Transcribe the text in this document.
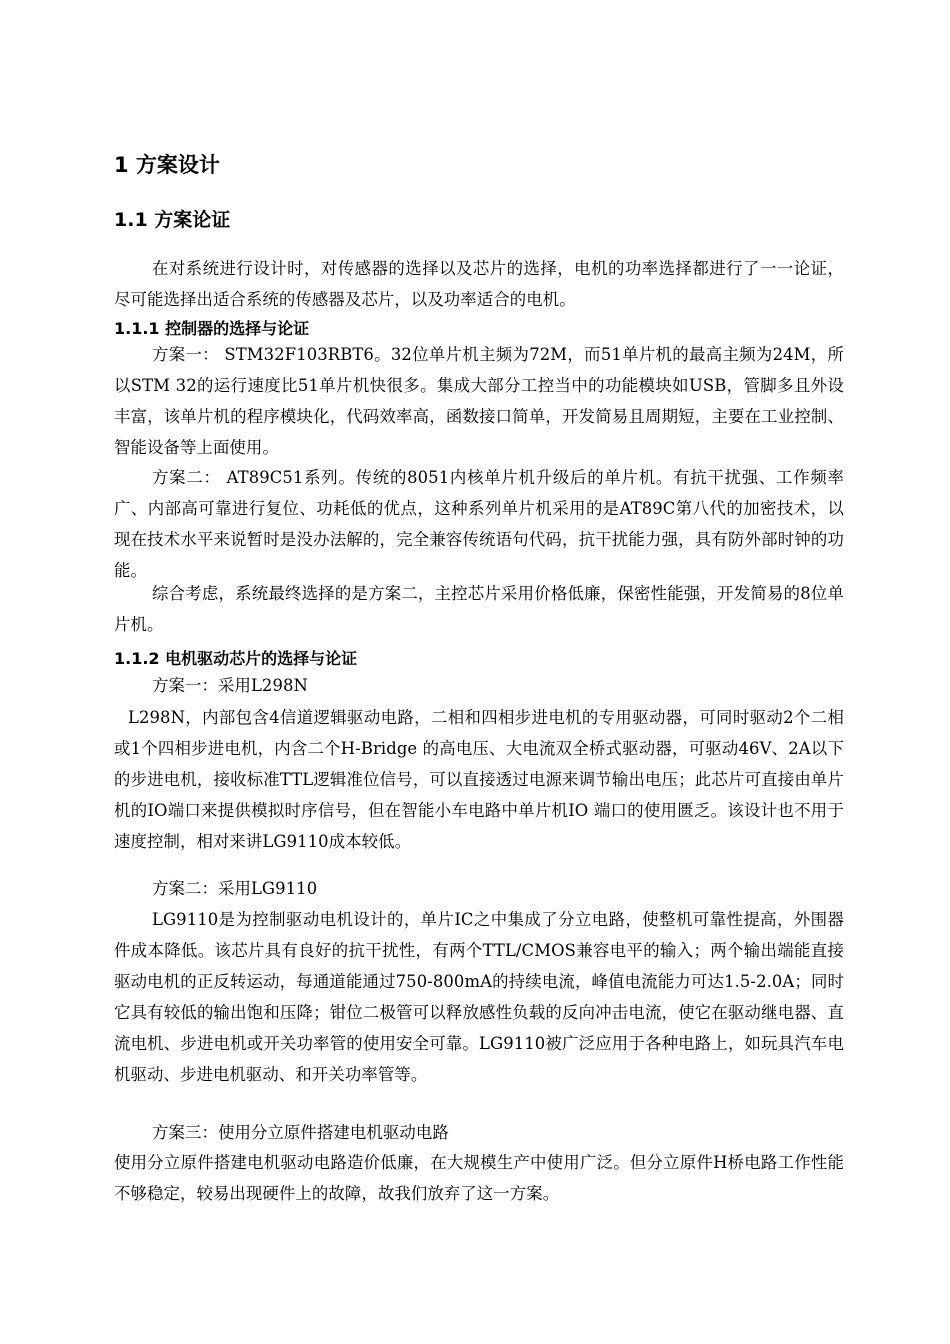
1 方案设计
1.1 方案论证

在对系统进行设计时，对传感器的选择以及芯片的选择，电机的功率选择都进行了一一论证，尽可能选择出适合系统的传感器及芯片，以及功率适合的电机。

1.1.1 控制器的选择与论证

方案一： STM32F103RBT6。32位单片机主频为72M，而51单片机的最高主频为24M，所以STM 32的运行速度比51单片机快很多。集成大部分工控当中的功能模块如USB，管脚多且外设丰富，该单片机的程序模块化，代码效率高，函数接口简单，开发简易且周期短，主要在工业控制、智能设备等上面使用。

方案二： AT89C51系列。传统的8051内核单片机升级后的单片机。有抗干扰强、工作频率广、内部高可靠进行复位、功耗低的优点，这种系列单片机采用的是AT89C第八代的加密技术，以现在技术水平来说暂时是没办法解的，完全兼容传统语句代码，抗干扰能力强，具有防外部时钟的功能。

综合考虑，系统最终选择的是方案二，主控芯片采用价格低廉，保密性能强，开发简易的8位单片机。

1.1.2 电机驱动芯片的选择与论证

方案一：采用L298N

L298N，内部包含4信道逻辑驱动电路，二相和四相步进电机的专用驱动器，可同时驱动2个二相或1个四相步进电机，内含二个H-Bridge 的高电压、大电流双全桥式驱动器，可驱动46V、2A以下的步进电机，接收标准TTL逻辑准位信号，可以直接透过电源来调节输出电压；此芯片可直接由单片机的IO端口来提供模拟时序信号，但在智能小车电路中单片机IO 端口的使用匮乏。该设计也不用于速度控制，相对来讲LG9110成本较低。

方案二：采用LG9110

LG9110是为控制驱动电机设计的，单片IC之中集成了分立电路，使整机可靠性提高，外围器件成本降低。该芯片具有良好的抗干扰性，有两个TTL/CMOS兼容电平的输入；两个输出端能直接驱动电机的正反转运动，每通道能通过750-800mA的持续电流，峰值电流能力可达1.5-2.0A；同时它具有较低的输出饱和压降；钳位二极管可以释放感性负载的反向冲击电流，使它在驱动继电器、直流电机、步进电机或开关功率管的使用安全可靠。LG9110被广泛应用于各种电路上，如玩具汽车电机驱动、步进电机驱动、和开关功率管等。

方案三：使用分立原件搭建电机驱动电路

使用分立原件搭建电机驱动电路造价低廉，在大规模生产中使用广泛。但分立原件H桥电路工作性能不够稳定，较易出现硬件上的故障，故我们放弃了这一方案。
